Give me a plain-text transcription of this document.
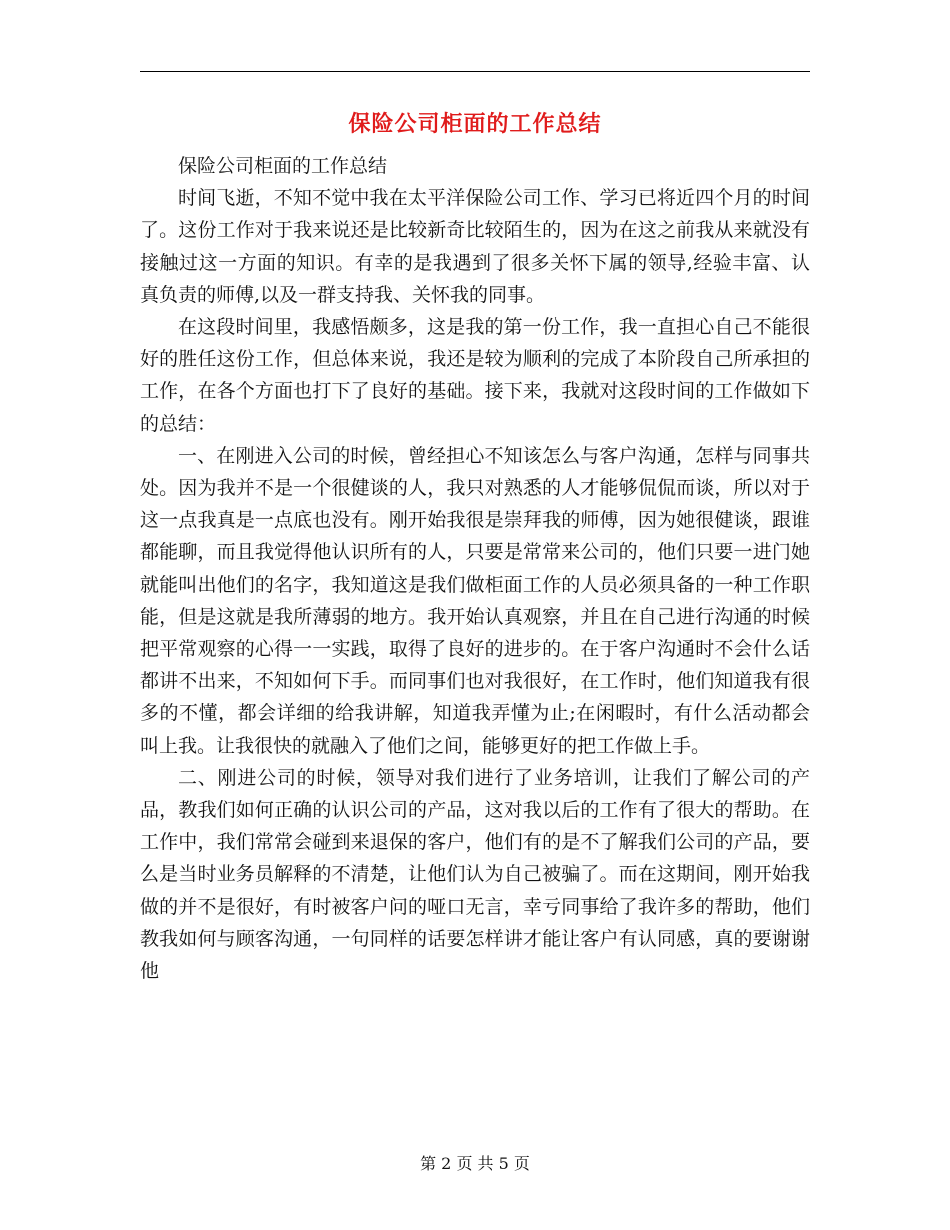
保险公司柜面的工作总结

保险公司柜面的工作总结

时间飞逝，不知不觉中我在太平洋保险公司工作、学习已将近四个月的时间了。这份工作对于我来说还是比较新奇比较陌生的，因为在这之前我从来就没有接触过这一方面的知识。有幸的是我遇到了很多关怀下属的领导,经验丰富、认真负责的师傅,以及一群支持我、关怀我的同事。

在这段时间里，我感悟颇多，这是我的第一份工作，我一直担心自己不能很好的胜任这份工作，但总体来说，我还是较为顺利的完成了本阶段自己所承担的工作，在各个方面也打下了良好的基础。接下来，我就对这段时间的工作做如下的总结：

一、在刚进入公司的时候，曾经担心不知该怎么与客户沟通，怎样与同事共处。因为我并不是一个很健谈的人，我只对熟悉的人才能够侃侃而谈，所以对于这一点我真是一点底也没有。刚开始我很是崇拜我的师傅，因为她很健谈，跟谁都能聊，而且我觉得他认识所有的人，只要是常常来公司的，他们只要一进门她就能叫出他们的名字，我知道这是我们做柜面工作的人员必须具备的一种工作职能，但是这就是我所薄弱的地方。我开始认真观察，并且在自己进行沟通的时候把平常观察的心得一一实践，取得了良好的进步的。在于客户沟通时不会什么话都讲不出来，不知如何下手。而同事们也对我很好，在工作时，他们知道我有很多的不懂，都会详细的给我讲解，知道我弄懂为止;在闲暇时，有什么活动都会叫上我。让我很快的就融入了他们之间，能够更好的把工作做上手。

二、刚进公司的时候，领导对我们进行了业务培训，让我们了解公司的产品，教我们如何正确的认识公司的产品，这对我以后的工作有了很大的帮助。在工作中，我们常常会碰到来退保的客户，他们有的是不了解我们公司的产品，要么是当时业务员解释的不清楚，让他们认为自己被骗了。而在这期间，刚开始我做的并不是很好，有时被客户问的哑口无言，幸亏同事给了我许多的帮助，他们教我如何与顾客沟通，一句同样的话要怎样讲才能让客户有认同感，真的要谢谢他

第 2 页 共 5 页
